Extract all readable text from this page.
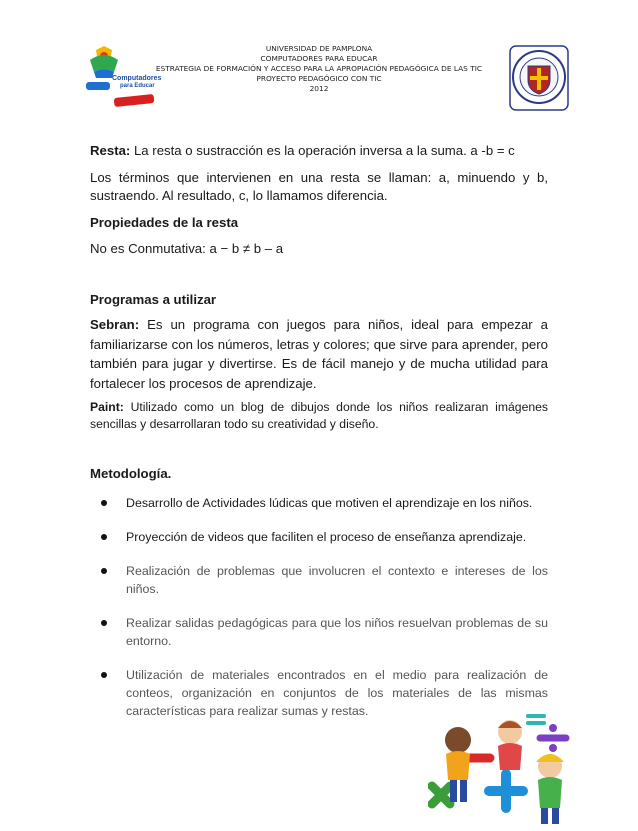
Computadores
para Educar
UNIVERSIDAD DE PAMPLONA
COMPUTADORES PARA EDUCAR
ESTRATEGIA DE FORMACIÓN Y ACCESO PARA LA APROPIACIÓN PEDAGÓGICA DE LAS TIC
PROYECTO PEDAGÓGICO CON TIC
2012

Resta: La resta o sustracción es la operación inversa a la suma. a -b = c

Los términos que intervienen en una resta se llaman: a, minuendo y b, sustraendo. Al resultado, c, lo llamamos diferencia.

Propiedades de la resta

No es Conmutativa: a − b ≠ b – a

Programas a utilizar

Sebran: Es un programa con juegos para niños, ideal para empezar a familiarizarse con los números, letras y colores; que sirve para aprender, pero también para jugar y divertirse. Es de fácil manejo y de mucha utilidad para fortalecer los procesos de aprendizaje.

Paint: Utilizado como un blog de dibujos donde los niños realizaran imágenes sencillas y desarrollaran todo su creatividad y diseño.

Metodología.

Desarrollo de Actividades lúdicas que motiven el aprendizaje en los niños.
Proyección de videos que faciliten el proceso de enseñanza aprendizaje.
Realización de problemas que involucren el contexto e intereses de los niños.
Realizar salidas pedagógicas para que los niños resuelvan problemas de su entorno.
Utilización de materiales encontrados en el medio para realización de conteos, organización en conjuntos de los materiales de las mismas características para realizar sumas y restas.
